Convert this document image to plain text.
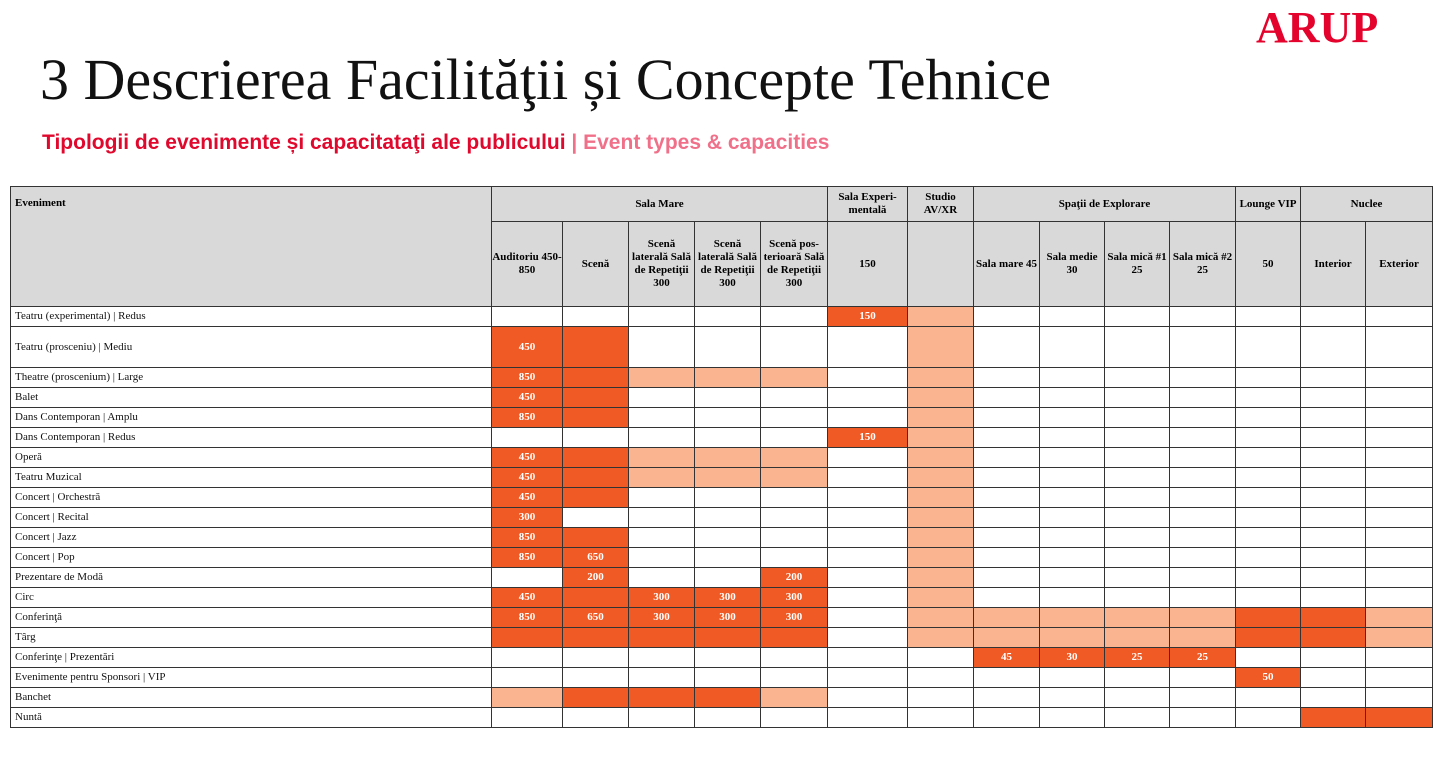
ARUP
3 Descrierea Facilităţii și Concepte Tehnice
Tipologii de evenimente și capacitataţi ale publicului | Event types & capacities
Eveniment	Sala Mare					Sala Experi-mentală	Studio AV/XR	Spaţii de Explorare				Lounge VIP	Nuclee	
	Auditoriu 450-850	Scenă	Scenă laterală Sală de Repetiţii 300	Scenă laterală Sală de Repetiţii 300	Scenă pos-terioară Sală de Repetiţii 300	150		Sala mare 45	Sala medie 30	Sala mică #1 25	Sala mică #2 25	50	Interior	Exterior
Teatru (experimental) | Redus						150								
Teatru (prosceniu) | Mediu	450													
Theatre (proscenium) | Large	850													
Balet	450													
Dans Contemporan | Amplu	850													
Dans Contemporan | Redus						150								
Operă	450													
Teatru Muzical	450													
Concert | Orchestră	450													
Concert | Recital	300													
Concert | Jazz	850													
Concert | Pop	850	650												
Prezentare de Modă		200			200									
Circ	450		300	300	300									
Conferinţă	850	650	300	300	300									
Târg														
Conferinţe | Prezentări								45	30	25	25			
Evenimente pentru Sponsori | VIP												50		
Banchet														
Nuntă														
